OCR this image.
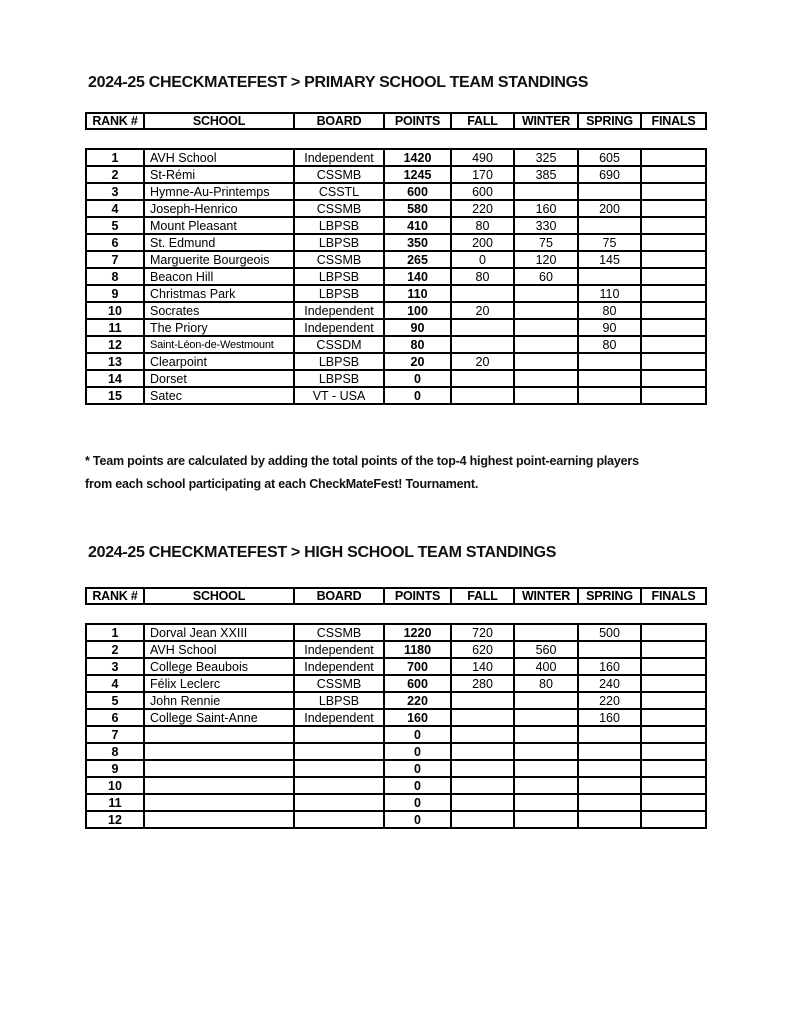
2024-25 CHECKMATEFEST > PRIMARY SCHOOL TEAM STANDINGS
RANK #	SCHOOL	BOARD	POINTS	FALL	WINTER	SPRING	FINALS
1	AVH School	Independent	1420	490	325	605	
2	St-Rémi	CSSMB	1245	170	385	690	
3	Hymne-Au-Printemps	CSSTL	600	600			
4	Joseph-Henrico	CSSMB	580	220	160	200	
5	Mount Pleasant	LBPSB	410	80	330		
6	St. Edmund	LBPSB	350	200	75	75	
7	Marguerite Bourgeois	CSSMB	265	0	120	145	
8	Beacon Hill	LBPSB	140	80	60		
9	Christmas Park	LBPSB	110			110	
10	Socrates	Independent	100	20		80	
11	The Priory	Independent	90			90	
12	Saint-Léon-de-Westmount	CSSDM	80			80	
13	Clearpoint	LBPSB	20	20			
14	Dorset	LBPSB	0				
15	Satec	VT - USA	0				

* Team points are calculated by adding the total points of the top-4 highest point-earning players
from each school participating at each CheckMateFest! Tournament.

2024-25 CHECKMATEFEST > HIGH SCHOOL TEAM STANDINGS
RANK #	SCHOOL	BOARD	POINTS	FALL	WINTER	SPRING	FINALS
1	Dorval Jean XXIII	CSSMB	1220	720		500	
2	AVH School	Independent	1180	620	560		
3	College Beaubois	Independent	700	140	400	160	
4	Félix Leclerc	CSSMB	600	280	80	240	
5	John Rennie	LBPSB	220			220	
6	College Saint-Anne	Independent	160			160	
7			0				
8			0				
9			0				
10			0				
11			0				
12			0				
